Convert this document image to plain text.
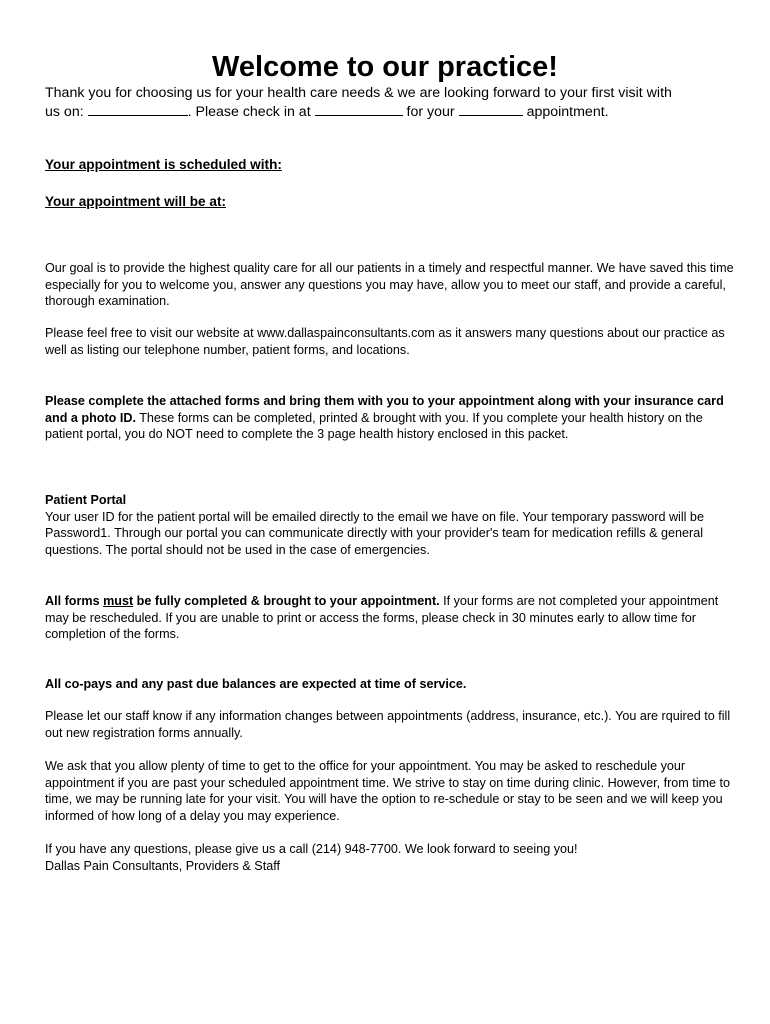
Welcome to our practice!
Thank you for choosing us for your health care needs & we are looking forward to your first visit with
us on:	. Please check in at	for your	appointment.
Your appointment is scheduled with:
Your appointment will be at:
Our goal is to provide the highest quality care for all our patients in a timely and respectful manner. We have saved this time especially for you to welcome you, answer any questions you may have, allow you to meet our staff, and provide a careful, thorough examination.
Please feel free to visit our website at www.dallaspainconsultants.com as it answers many questions about our practice as well as listing our telephone number, patient forms, and locations.
Please complete the attached forms and bring them with you to your appointment along with your insurance card and a photo ID. These forms can be completed, printed & brought with you. If you complete your health history on the patient portal, you do NOT need to complete the 3 page health history enclosed in this packet.
Patient Portal
Your user ID for the patient portal will be emailed directly to the email we have on file. Your temporary password will be Password1. Through our portal you can communicate directly with your provider's team for medication refills & general questions. The portal should not be used in the case of emergencies.
All forms must be fully completed & brought to your appointment. If your forms are not completed your appointment may be rescheduled. If you are unable to print or access the forms, please check in 30 minutes early to allow time for completion of the forms.
All co-pays and any past due balances are expected at time of service.
Please let our staff know if any information changes between appointments (address, insurance, etc.). You are rquired to fill out new registration forms annually.
We ask that you allow plenty of time to get to the office for your appointment. You may be asked to reschedule your appointment if you are past your scheduled appointment time. We strive to stay on time during clinic. However, from time to time, we may be running late for your visit. You will have the option to re-schedule or stay to be seen and we will keep you informed of how long of a delay you may experience.
If you have any questions, please give us a call (214) 948-7700. We look forward to seeing you!
Dallas Pain Consultants, Providers & Staff
